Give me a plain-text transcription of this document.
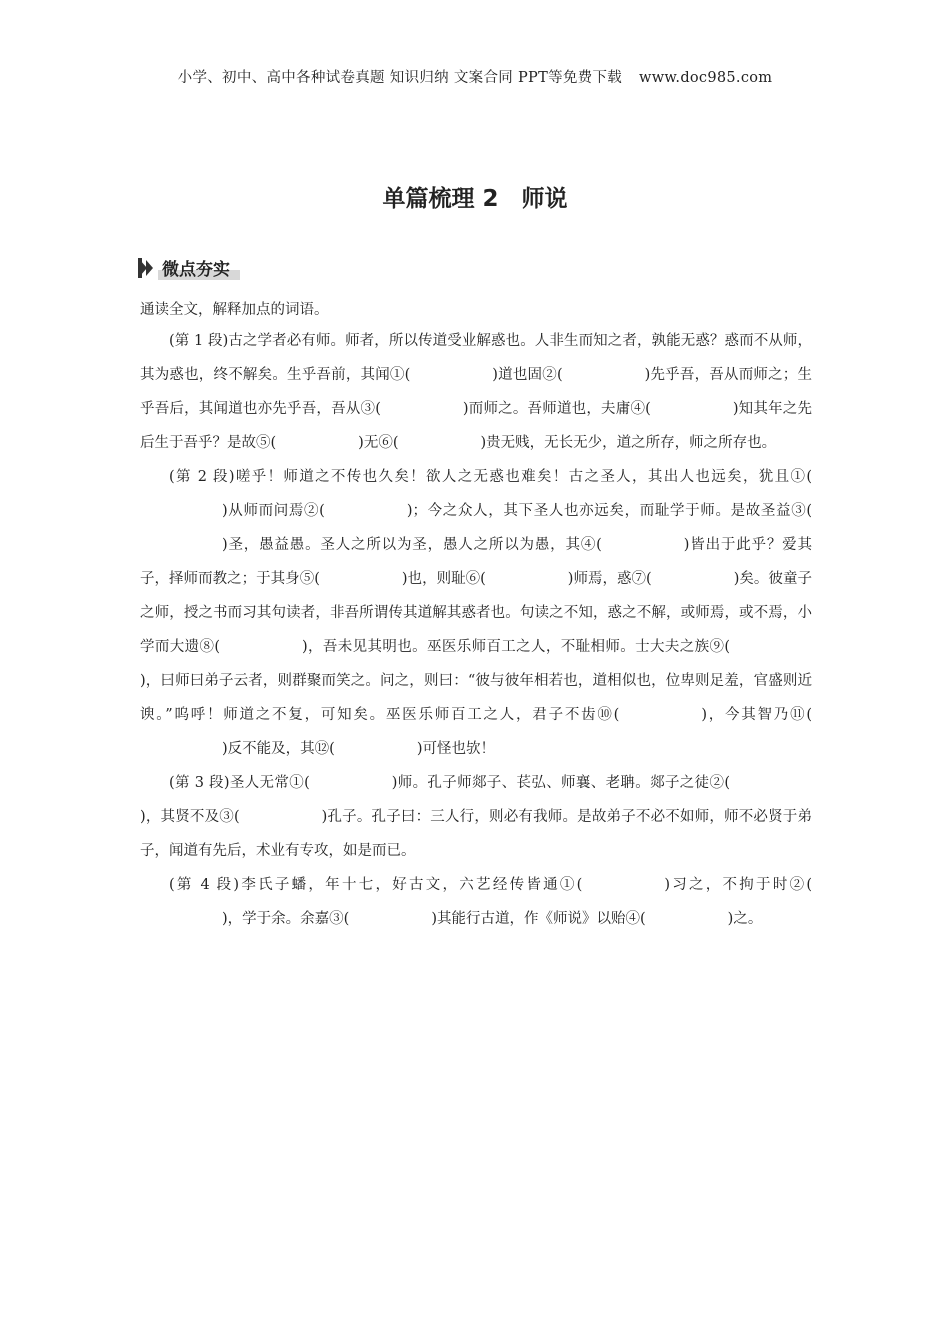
小学、初中、高中各种试卷真题 知识归纳 文案合同 PPT等免费下载 www.doc985.com
单篇梳理 2　师说
微点夯实
通读全文，解释加点的词语。

(第 1 段)古之学者必有师。师者，所以传道受业解惑也。人非生而知之者，孰能无惑？惑而不从师，其为惑也，终不解矣。生乎吾前，其闻①(	)道也固②(	)先乎吾，吾从而师之；生乎吾后，其闻道也亦先乎吾，吾从③(	)而师之。吾师道也，夫庸④(	)知其年之先后生于吾乎？是故⑤(	)无⑥(	)贵无贱，无长无少，道之所存，师之所存也。

(第 2 段)嗟乎！师道之不传也久矣！欲人之无惑也难矣！古之圣人，其出人也远矣，犹且①()从师而问焉②(	)；今之众人，其下圣人也亦远矣，而耻学于师。是故圣益③()圣，愚益愚。圣人之所以为圣，愚人之所以为愚，其④(	)皆出于此乎？爱其子，择师而教之；于其身⑤(	)也，则耻⑥(	)师焉，惑⑦(	)矣。彼童子之师，授之书而习其句读者，非吾所谓传其道解其惑者也。句读之不知，惑之不解，或师焉，或不焉，小学而大遗⑧(	)，吾未见其明也。巫医乐师百工之人，不耻相师。士大夫之族⑨()，曰师曰弟子云者，则群聚而笑之。问之，则曰：“彼与彼年相若也，道相似也，位卑则足羞，官盛则近谀。”呜呼！师道之不复，可知矣。巫医乐师百工之人，君子不齿⑩(	)，今其智乃⑪()反不能及，其⑫(	)可怪也欤！

(第 3 段)圣人无常①(	)师。孔子师郯子、苌弘、师襄、老聃。郯子之徒②()，其贤不及③(	)孔子。孔子曰：三人行，则必有我师。是故弟子不必不如师，师不必贤于弟子，闻道有先后，术业有专攻，如是而已。

(第 4 段)李氏子蟠，年十七，好古文，六艺经传皆通①(	)习之，不拘于时②()，学于余。余嘉③(	)其能行古道，作《师说》以贻④(	)之。
